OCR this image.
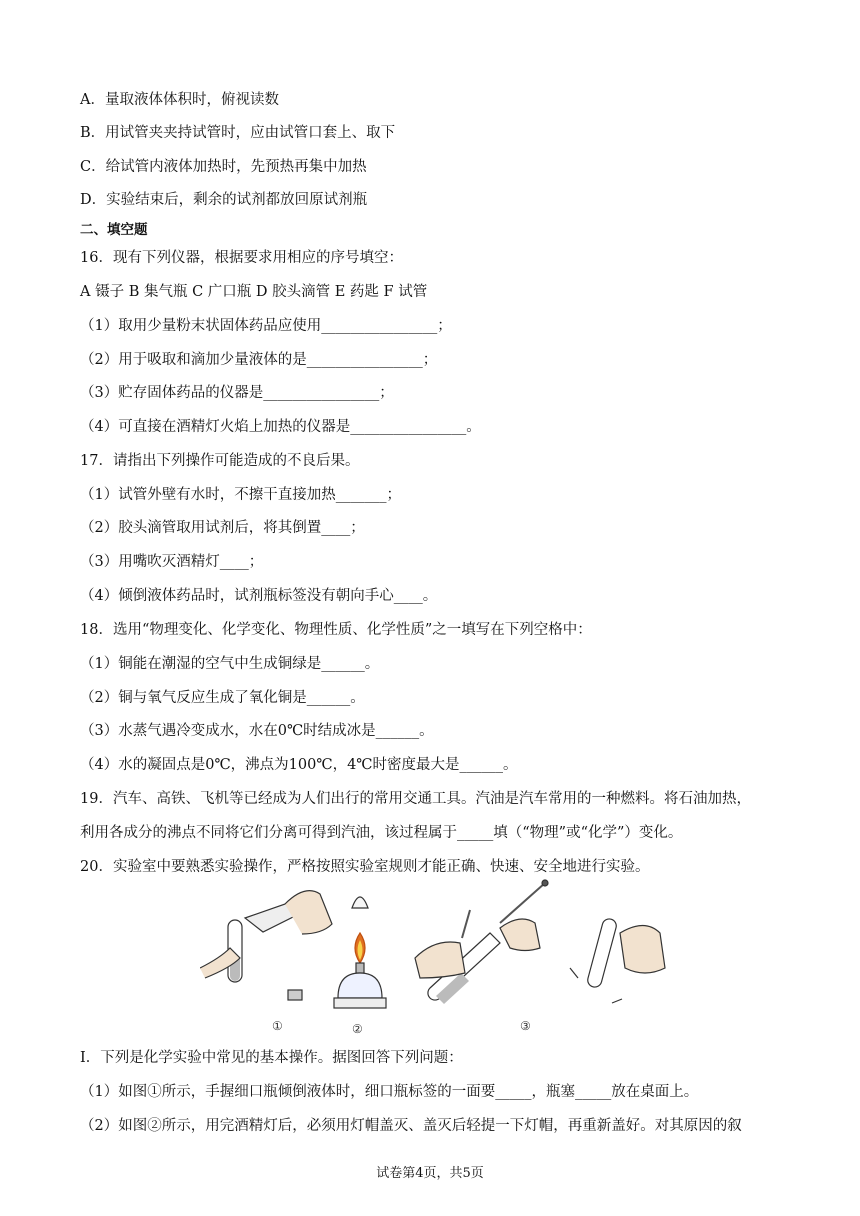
A．量取液体体积时，俯视读数
B．用试管夹夹持试管时，应由试管口套上、取下
C．给试管内液体加热时，先预热再集中加热
D．实验结束后，剩余的试剂都放回原试剂瓶
二、填空题
16．现有下列仪器，根据要求用相应的序号填空：
A 镊子 B 集气瓶 C 广口瓶 D 胶头滴管 E 药匙 F 试管
（1）取用少量粉末状固体药品应使用________________；
（2）用于吸取和滴加少量液体的是________________；
（3）贮存固体药品的仪器是________________；
（4）可直接在酒精灯火焰上加热的仪器是________________。
17．请指出下列操作可能造成的不良后果。
（1）试管外壁有水时，不擦干直接加热_______；
（2）胶头滴管取用试剂后，将其倒置____；
（3）用嘴吹灭酒精灯____；
（4）倾倒液体药品时，试剂瓶标签没有朝向手心____。
18．选用“物理变化、化学变化、物理性质、化学性质”之一填写在下列空格中：
（1）铜能在潮湿的空气中生成铜绿是______。
（2）铜与氧气反应生成了氧化铜是______。
（3）水蒸气遇冷变成水，水在0℃时结成冰是______。
（4）水的凝固点是0℃，沸点为100℃，4℃时密度最大是______。
19．汽车、高铁、飞机等已经成为人们出行的常用交通工具。汽油是汽车常用的一种燃料。将石油加热，
利用各成分的沸点不同将它们分离可得到汽油，该过程属于_____填（“物理”或“化学”）变化。
20．实验室中要熟悉实验操作，严格按照实验室规则才能正确、快速、安全地进行实验。
①	②	③
I．下列是化学实验中常见的基本操作。据图回答下列问题：
（1）如图①所示，手握细口瓶倾倒液体时，细口瓶标签的一面要_____，瓶塞_____放在桌面上。
（2）如图②所示，用完酒精灯后，必须用灯帽盖灭、盖灭后轻提一下灯帽，再重新盖好。对其原因的叙
试卷第4页，共5页
